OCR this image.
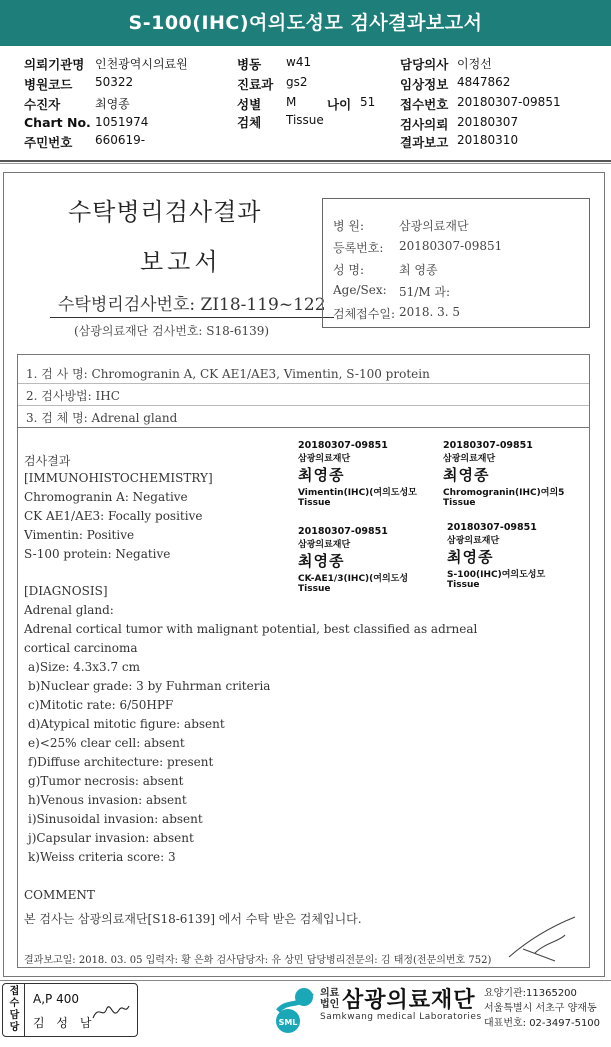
S-100(IHC)여의도성모 검사결과보고서
의뢰기관명 인천광역시의료원	병동 w41	담당의사 이정선
병원코드 50322	진료과 gs2	임상정보 4847862
수진자	최영종	성별 M 나이 51 접수번호 20180307-09851
Chart No. 1051974	검체 Tissue	검사의뢰 20180307
주민번호 660619-	결과보고 20180310
수탁병리검사결과
보고서
수탁병리검사번호: ZI18-119~122
(삼광의료재단 검사번호: S18-6139)
병 원:	삼광의료재단
등록번호: 20180307-09851
성 명:	최 영종
Age/Sex: 51/M 과:
검체접수일: 2018. 3. 5
1. 검 사 명: Chromogranin A, CK AE1/AE3, Vimentin, S-100 protein
2. 검사방법: IHC
3. 검 체 명: Adrenal gland
검사결과
[IMMUNOHISTOCHEMISTRY]
Chromogranin A: Negative
CK AE1/AE3: Focally positive
Vimentin: Positive
S-100 protein: Negative
20180307-09851
삼광의료재단
최영종
Vimentin(IHC)(여의도성모
Tissue
20180307-09851
삼광의료재단
최영종
Chromogranin(IHC)여의5
Tissue
20180307-09851
삼광의료재단
최영종
CK-AE1/3(IHC)(여의도성
Tissue
20180307-09851
삼광의료재단
최영종
S-100(IHC)여의도성모
Tissue
[DIAGNOSIS]
Adrenal gland:
Adrenal cortical tumor with malignant potential, best classified as adrneal
cortical carcinoma
a)Size: 4.3x3.7 cm
b)Nuclear grade: 3 by Fuhrman criteria
c)Mitotic rate: 6/50HPF
d)Atypical mitotic figure: absent
e)<25% clear cell: absent
f)Diffuse architecture: present
g)Tumor necrosis: absent
h)Venous invasion: absent
i)Sinusoidal invasion: absent
j)Capsular invasion: absent
k)Weiss criteria score: 3
COMMENT
본 검사는 삼광의료재단[S18-6139] 에서 수탁 받은 검체입니다.
결과보고일: 2018. 03. 05 입력자: 황 은화 검사담당자: 유 상민 담당병리전문의: 김 태정(전문의번호 752)
접수담당
A,P 400
김 성 남	SML
의료
법인 삼광의료재단
Samkwang medical Laboratories
요양기관:11365200
서울특별시 서초구 양재동
대표번호: 02-3497-5100
